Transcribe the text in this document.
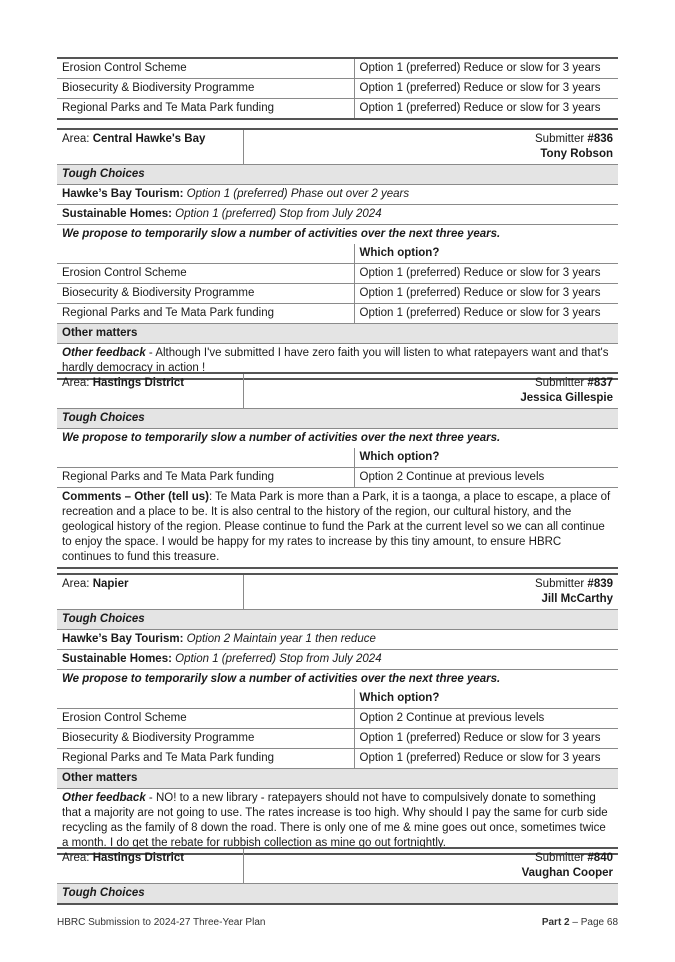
Erosion Control Scheme	Option 1 (preferred) Reduce or slow for 3 years
Biosecurity & Biodiversity Programme	Option 1 (preferred) Reduce or slow for 3 years
Regional Parks and Te Mata Park funding	Option 1 (preferred) Reduce or slow for 3 years
Area: Central Hawke's Bay	Submitter #836
Tony Robson	
Tough Choices		
Hawke’s Bay Tourism: Option 1 (preferred) Phase out over 2 years		
Sustainable Homes: Option 1 (preferred) Stop from July 2024		
We propose to temporarily slow a number of activities over the next three years.		
		Which option?
Erosion Control Scheme		Option 1 (preferred) Reduce or slow for 3 years
Biosecurity & Biodiversity Programme		Option 1 (preferred) Reduce or slow for 3 years
Regional Parks and Te Mata Park funding		Option 1 (preferred) Reduce or slow for 3 years
Other matters		
Other feedback - Although I've submitted I have zero faith you will listen to what ratepayers want and that's hardly democracy in action !		
Area: Hastings District	Submitter #837
Jessica Gillespie	
Tough Choices		
We propose to temporarily slow a number of activities over the next three years.		
		Which option?
Regional Parks and Te Mata Park funding		Option 2 Continue at previous levels
Comments – Other (tell us): Te Mata Park is more than a Park, it is a taonga, a place to escape, a place of recreation and a place to be. It is also central to the history of the region, our cultural history, and the geological history of the region. Please continue to fund the Park at the current level so we can all continue to enjoy the space. I would be happy for my rates to increase by this tiny amount, to ensure HBRC continues to fund this treasure.		
Area: Napier	Submitter #839
Jill McCarthy	
Tough Choices		
Hawke’s Bay Tourism: Option 2 Maintain year 1 then reduce		
Sustainable Homes: Option 1 (preferred) Stop from July 2024		
We propose to temporarily slow a number of activities over the next three years.		
		Which option?
Erosion Control Scheme		Option 2 Continue at previous levels
Biosecurity & Biodiversity Programme		Option 1 (preferred) Reduce or slow for 3 years
Regional Parks and Te Mata Park funding		Option 1 (preferred) Reduce or slow for 3 years
Other matters		
Other feedback - NO! to a new library - ratepayers should not have to compulsively donate to something that a majority are not going to use. The rates increase is too high. Why should I pay the same for curb side recycling as the family of 8 down the road. There is only one of me & mine goes out once, sometimes twice a month. I do get the rebate for rubbish collection as mine go out fortnightly.		
Area: Hastings District	Submitter #840
Vaughan Cooper
Tough Choices
HBRC Submission to 2024-27 Three-Year Plan	Part 2 – Page 68
